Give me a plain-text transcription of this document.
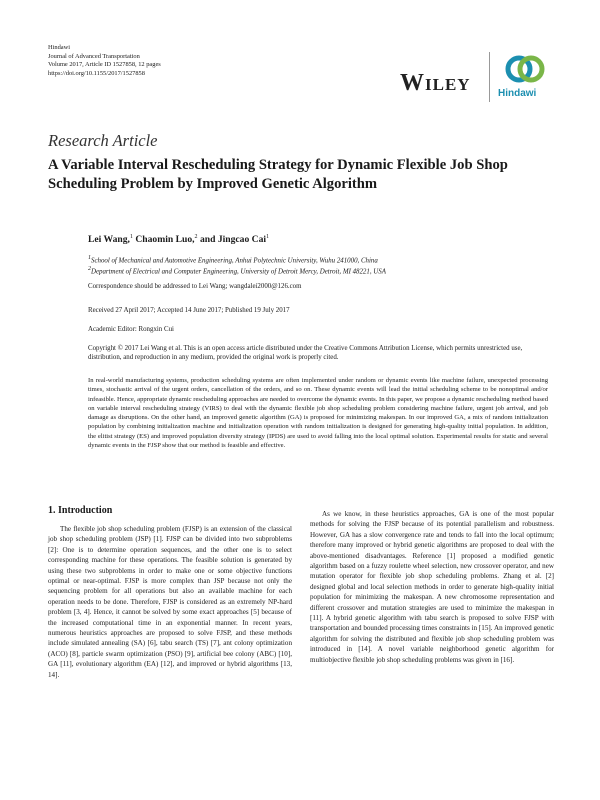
Hindawi
Journal of Advanced Transportation
Volume 2017, Article ID 1527858, 12 pages
https://doi.org/10.1155/2017/1527858	Wiley	Hindawi
Research Article
A Variable Interval Rescheduling Strategy for Dynamic Flexible Job Shop Scheduling Problem by Improved Genetic Algorithm
Lei Wang,$^1$ Chaomin Luo,$^2$ and Jingcao Cai$^1$
$^1$School of Mechanical and Automotive Engineering, Anhui Polytechnic University, Wuhu 241000, China
$^2$Department of Electrical and Computer Engineering, University of Detroit Mercy, Detroit, MI 48221, USA
Correspondence should be addressed to Lei Wang; wangdalei2000@126.com
Received 27 April 2017; Accepted 14 June 2017; Published 19 July 2017
Academic Editor: Rongxin Cui
Copyright © 2017 Lei Wang et al. This is an open access article distributed under the Creative Commons Attribution License, which permits unrestricted use, distribution, and reproduction in any medium, provided the original work is properly cited.
In real-world manufacturing systems, production scheduling systems are often implemented under random or dynamic events like machine failure, unexpected processing times, stochastic arrival of the urgent orders, cancellation of the orders, and so on. These dynamic events will lead the initial scheduling scheme to be nonoptimal and/or infeasible. Hence, appropriate dynamic rescheduling approaches are needed to overcome the dynamic events. In this paper, we propose a dynamic rescheduling method based on variable interval rescheduling strategy (VIRS) to deal with the dynamic flexible job shop scheduling problem considering machine failure, urgent job arrival, and job damage as disruptions. On the other hand, an improved genetic algorithm (GA) is proposed for minimizing makespan. In our improved GA, a mix of random initialization population by combining initialization machine and initialization operation with random initialization is designed for generating high-quality initial population. In addition, the elitist strategy (ES) and improved population diversity strategy (IPDS) are used to avoid falling into the local optimal solution. Experimental results for static and several dynamic events in the FJSP show that our method is feasible and effective.
1. Introduction
The flexible job shop scheduling problem (FJSP) is an extension of the classical job shop scheduling problem (JSP) [1]. FJSP can be divided into two subproblems [2]: One is to determine operation sequences, and the other one is to select corresponding machine for these operations. The feasible solution is generated by using these two subproblems in order to make one or some objective functions optimal or near-optimal. FJSP is more complex than JSP because not only the sequencing problem for all operations but also an available machine for each operation needs to be done. Therefore, FJSP is considered as an extremely NP-hard problem [3, 4]. Hence, it cannot be solved by some exact approaches [5] because of the increased computational time in an exponential manner. In recent years, numerous heuristics approaches are proposed to solve FJSP, and these methods include simulated annealing (SA) [6], tabu search (TS) [7], ant colony optimization (ACO) [8], particle swarm optimization (PSO) [9], artificial bee colony (ABC) [10], GA [11], evolutionary algorithm (EA) [12], and improved or hybrid algorithms [13, 14].
As we know, in these heuristics approaches, GA is one of the most popular methods for solving the FJSP because of its potential parallelism and robustness. However, GA has a slow convergence rate and tends to fall into the local optimum; therefore many improved or hybrid genetic algorithms are proposed to deal with the above-mentioned disadvantages. Reference [1] proposed a modified genetic algorithm based on a fuzzy roulette wheel selection, new crossover operator, and new mutation operator for flexible job shop scheduling problems. Zhang et al. [2] designed global and local selection methods in order to generate high-quality initial population for minimizing the makespan. A new chromosome representation and different crossover and mutation strategies are used to minimize the makespan in [11]. A hybrid genetic algorithm with tabu search is proposed to solve FJSP with transportation and bounded processing times constraints in [15]. An improved genetic algorithm for solving the distributed and flexible job shop scheduling problem was introduced in [14]. A novel variable neighborhood genetic algorithm for multiobjective flexible job shop scheduling problems was given in [16].
